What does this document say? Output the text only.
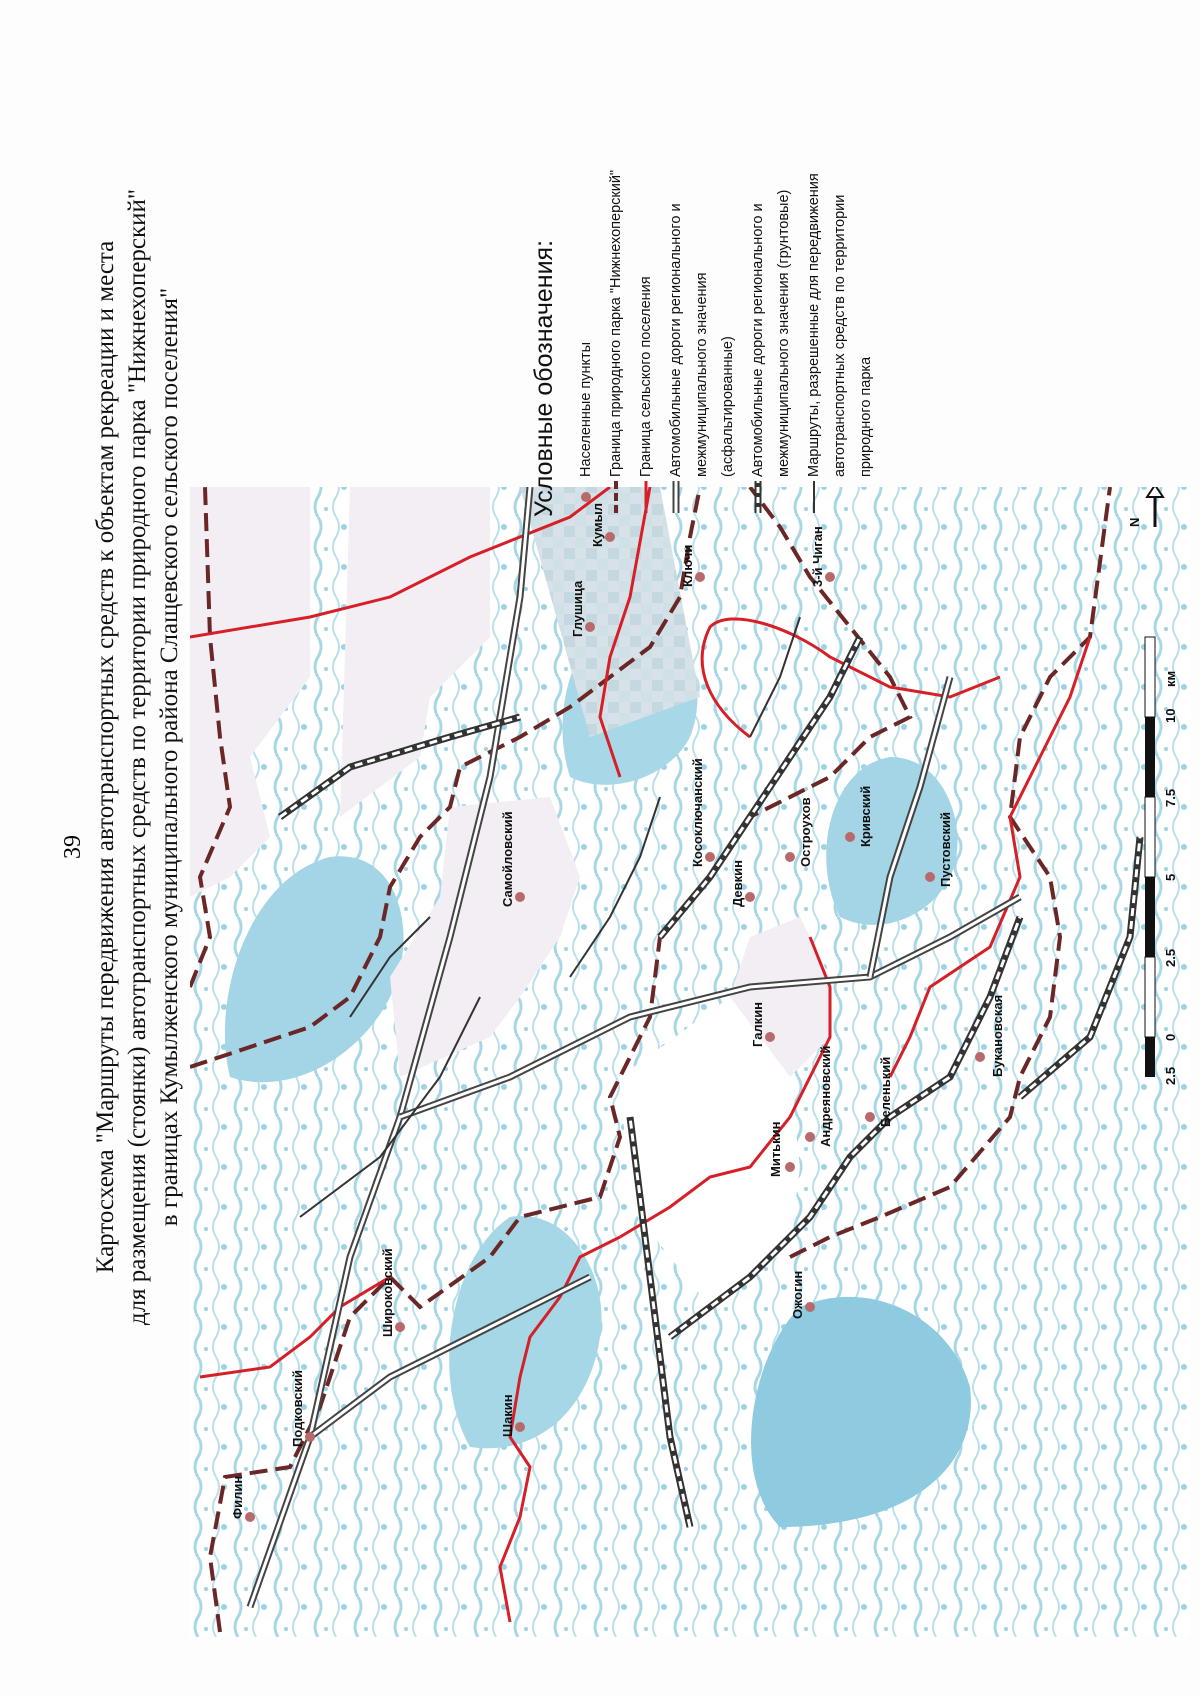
39 Картосхема "Маршруты передвижения автотранспортных средств к объектам рекреации и места для размещения (стоянки) автотранспортных средств по территории природного парка "Нижнехоперский" в границах Кумылженского муниципального района Слащевского сельского поселения"
Филин
Подковский
Широковский
Шакин
Ожогин
Митькин
Андреяновский	Беленький
Букановская
Галкин
Девкин
Остроухов	Кривский	Пустовский
Самойловский	Косоключанский
Глушица
Ключи
Кумыл
3-й Чиган
2.5
0
2.5
5
7.5
10
км
N
Условные обозначения:	Населенные пункты Граница природного парка "Нижнехоперский" Граница сельского поселения Автомобильные дороги регионального и межмуниципального значения (асфальтированные) Автомобильные дороги регионального и межмуниципального значения (грунтовые) Маршруты, разрешенные для передвижения автотранспортных средств по территории природного парка
